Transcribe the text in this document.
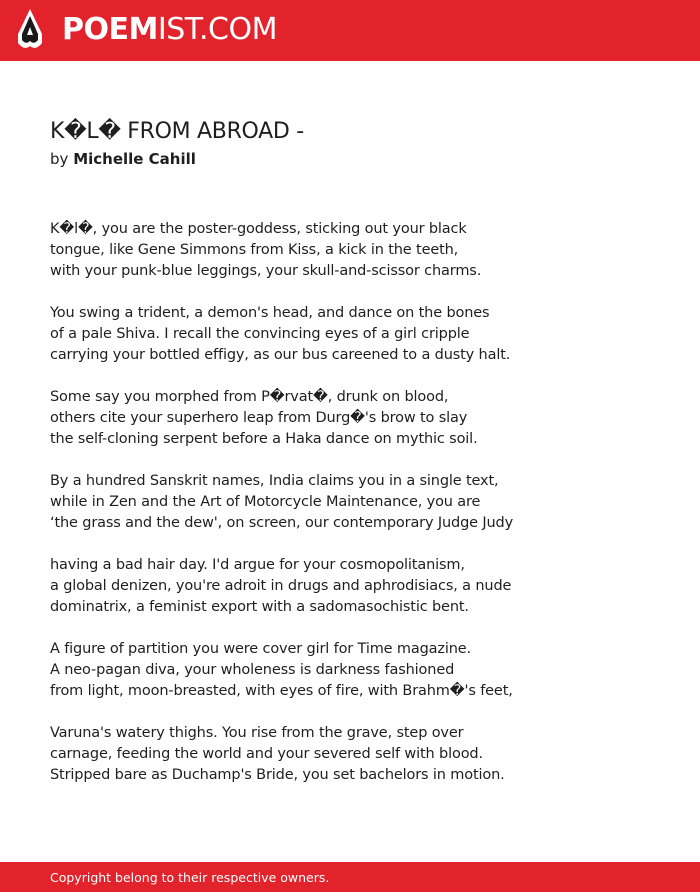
POEMIST.COM
K�L� FROM ABROAD -
by Michelle Cahill
K�l�, you are the poster-goddess, sticking out your black
tongue, like Gene Simmons from Kiss, a kick in the teeth,
with your punk-blue leggings, your skull-and-scissor charms.
You swing a trident, a demon's head, and dance on the bones
of a pale Shiva. I recall the convincing eyes of a girl cripple
carrying your bottled effigy, as our bus careened to a dusty halt.
Some say you morphed from P�rvat�, drunk on blood,
others cite your superhero leap from Durg�'s brow to slay
the self-cloning serpent before a Haka dance on mythic soil.
By a hundred Sanskrit names, India claims you in a single text,
while in Zen and the Art of Motorcycle Maintenance, you are
‘the grass and the dew', on screen, our contemporary Judge Judy
having a bad hair day. I'd argue for your cosmopolitanism,
a global denizen, you're adroit in drugs and aphrodisiacs, a nude
dominatrix, a feminist export with a sadomasochistic bent.
A figure of partition you were cover girl for Time magazine.
A neo-pagan diva, your wholeness is darkness fashioned
from light, moon-breasted, with eyes of fire, with Brahm�'s feet,
Varuna's watery thighs. You rise from the grave, step over
carnage, feeding the world and your severed self with blood.
Stripped bare as Duchamp's Bride, you set bachelors in motion.
Copyright belong to their respective owners.
